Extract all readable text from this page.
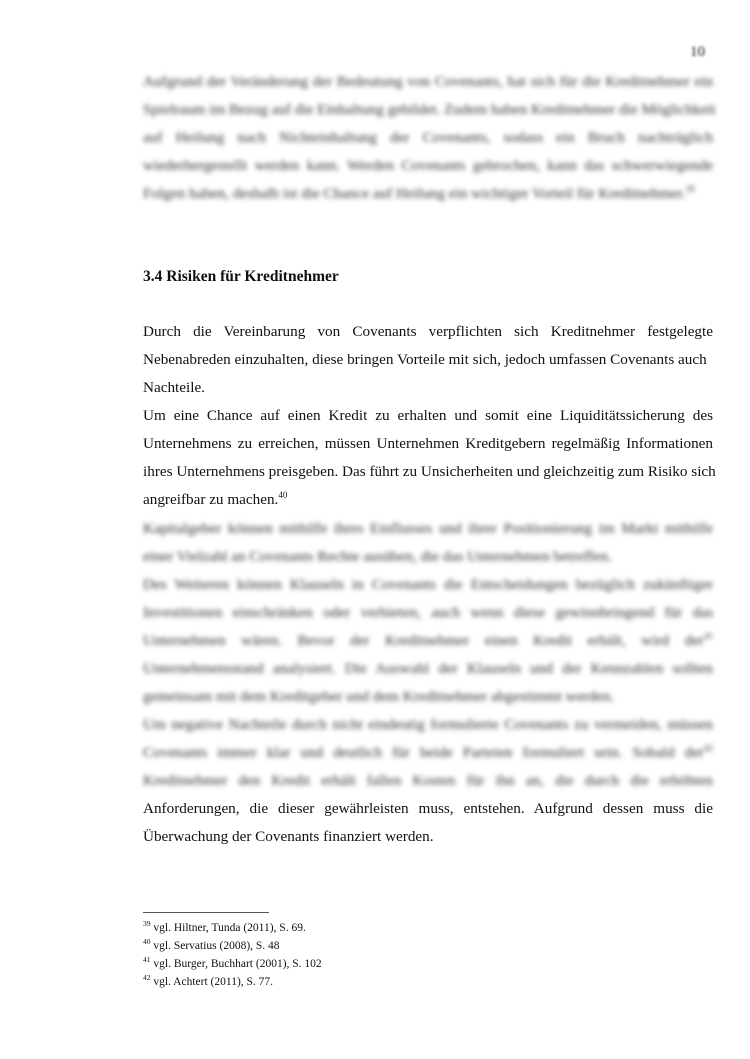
10
Aufgrund der Veränderung der Bedeutung von Covenants, hat sich für die Kreditnehmer ein
Spielraum im Bezug auf die Einhaltung gebildet. Zudem haben Kreditnehmer die Möglichkeit
auf Heilung nach Nichteinhaltung der Covenants, sodass ein Bruch nachträglich
wiederhergestellt werden kann. Werden Covenants gebrochen, kann das schwerwiegende
Folgen haben, deshalb ist die Chance auf Heilung ein wichtiger Vorteil für Kreditnehmer.$^{39}$
3.4 Risiken für Kreditnehmer
Durch die Vereinbarung von Covenants verpflichten sich Kreditnehmer festgelegte
Nebenabreden einzuhalten, diese bringen Vorteile mit sich, jedoch umfassen Covenants auch
Nachteile.
Um eine Chance auf einen Kredit zu erhalten und somit eine Liquiditätssicherung des
Unternehmens zu erreichen, müssen Unternehmen Kreditgebern regelmäßig Informationen
ihres Unternehmens preisgeben. Das führt zu Unsicherheiten und gleichzeitig zum Risiko sich
angreifbar zu machen.$^{40}$
Kapitalgeber können mithilfe ihres Einflusses und ihrer Positionierung im Markt mithilfe
einer Vielzahl an Covenants Rechte ausüben, die das Unternehmen betreffen.
Des Weiteren können Klauseln in Covenants die Entscheidungen bezüglich zukünftiger
Investitionen einschränken oder verbieten, auch wenn diese gewinnbringend für das
Unternehmen wären. Bevor der Kreditnehmer einen Kredit erhält, wird der$^{41}$
Unternehmensstand analysiert. Die Auswahl der Klauseln und der Kennzahlen sollten
gemeinsam mit dem Kreditgeber und dem Kreditnehmer abgestimmt werden.
Um negative Nachteile durch nicht eindeutig formulierte Covenants zu vermeiden, müssen
Covenants immer klar und deutlich für beide Parteien formuliert sein. Sobald der$^{42}$
Kreditnehmer den Kredit erhält fallen Kosten für ihn an, die durch die erhöhten
Anforderungen, die dieser gewährleisten muss, entstehen. Aufgrund dessen muss die
Überwachung der Covenants finanziert werden.
$^{39}$ vgl. Hiltner, Tunda (2011), S. 69.
$^{40}$ vgl. Servatius (2008), S. 48
$^{41}$ vgl. Burger, Buchhart (2001), S. 102
$^{42}$ vgl. Achtert (2011), S. 77.
